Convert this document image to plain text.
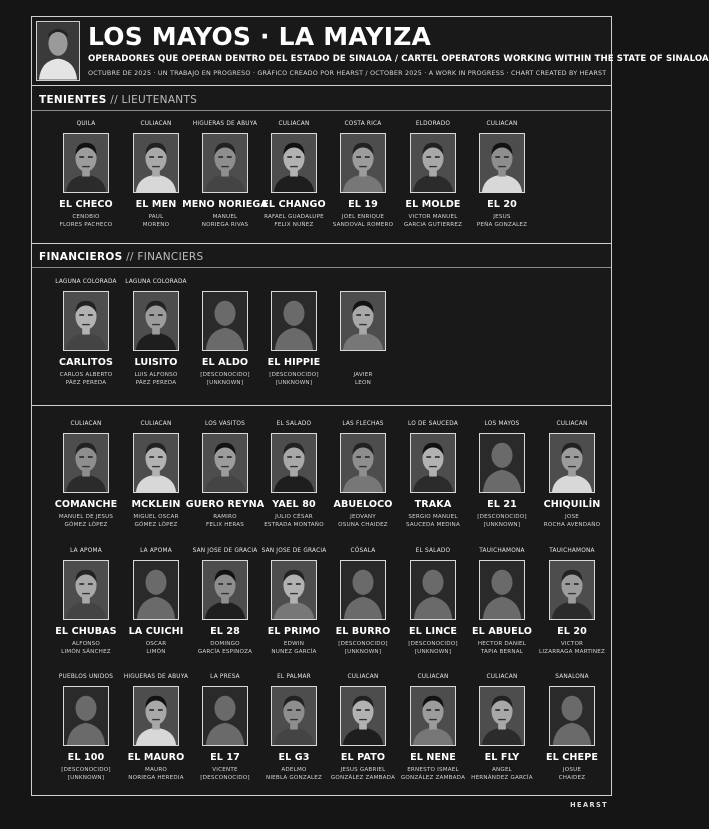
LOS MAYOS · LA MAYIZA
OPERADORES QUE OPERAN DENTRO DEL ESTADO DE SINALOA / CARTEL OPERATORS WORKING WITHIN THE STATE OF SINALOA
OCTUBRE DE 2025 · UN TRABAJO EN PROGRESO · GRÁFICO CREADO POR HEARST / OCTOBER 2025 · A WORK IN PROGRESS · CHART CREATED BY HEARST
TENIENTES // LIEUTENANTS
QUILA
EL CHECO
CENOBIO
FLORES PACHECO
CULIACAN
EL MEN
PAUL
MORENO
HIGUERAS DE ABUYA
MENO NORIEGA
MANUEL
NORIEGA RIVAS
CULIACAN
EL CHANGO
RAFAEL GUADALUPE
FELIX NUÑEZ
COSTA RICA
EL 19
JOEL ENRIQUE
SANDOVAL ROMERO
ELDORADO
EL MOLDE
VICTOR MANUEL
GARCIA GUTIERREZ
CULIACAN
EL 20
JESUS
PEÑA GONZALEZ
FINANCIEROS // FINANCIERS
LAGUNA COLORADA
CARLITOS
CARLOS ALBERTO
PÁEZ PEREDA
LAGUNA COLORADA
LUISITO
LUIS ALFONSO
PÁEZ PEREDA
EL ALDO
[DESCONOCIDO]
[UNKNOWN]
EL HIPPIE
[DESCONOCIDO]
[UNKNOWN]
JAVIER
LEON
CULIACAN
COMANCHE
MANUEL DE JESUS
GÓMEZ LÓPEZ
CULIACAN
MCKLEIN
MIGUEL OSCAR
GÓMEZ LÓPEZ
LOS VASITOS
GUERO REYNA
RAMIRO
FELIX HERAS
EL SALADO
YAEL 80
JULIO CÉSAR
ESTRADA MONTAÑO
LAS FLECHAS
ABUELOCO
JEOVANY
OSUNA CHAIDEZ
LO DE SAUCEDA
TRAKA
SERGIO MANUEL
SAUCEDA MEDINA
LOS MAYOS
EL 21
[DESCONOCIDO]
[UNKNOWN]
CULIACAN
CHIQUILÍN
JOSE
ROCHA AVENDAÑO
LA APOMA
EL CHUBAS
ALFONSO
LIMÓN SÁNCHEZ
LA APOMA
LA CUICHI
OSCAR
LIMÓN
SAN JOSE DE GRACIA
EL 28
DOMINGO
GARCÍA ESPINOZA
SAN JOSE DE GRACIA
EL PRIMO
EDWIN
NUNEZ GARCÍA
CÓSALA
EL BURRO
[DESCONOCIDO]
[UNKNOWN]
EL SALADO
EL LINCE
[DESCONOCIDO]
[UNKNOWN]
TAUICHAMONA
EL ABUELO
HECTOR DANIEL
TAPIA BERNAL
TAUICHAMONA
EL 20
VICTOR
LIZARRAGA MARTINEZ
PUEBLOS UNIDOS
EL 100
[DESCONOCIDO]
[UNKNOWN]
HIGUERAS DE ABUYA
EL MAURO
MAURO
NORIEGA HEREDIA
LA PRESA
EL 17
VICENTE
[DESCONOCIDO]
EL PALMAR
EL G3
ADELMO
NIEBLA GONZALEZ
CULIACAN
EL PATO
JESUS GABRIEL
GONZÁLEZ ZAMBADA
CULIACAN
EL NENE
ERNESTO ISMAEL
GONZÁLEZ ZAMBADA
CULIACAN
EL FLY
ANGEL
HERNÁNDEZ GARCÍA
SANALONA
EL CHEPE
JOSUE
CHAIDEZ
HEARST
